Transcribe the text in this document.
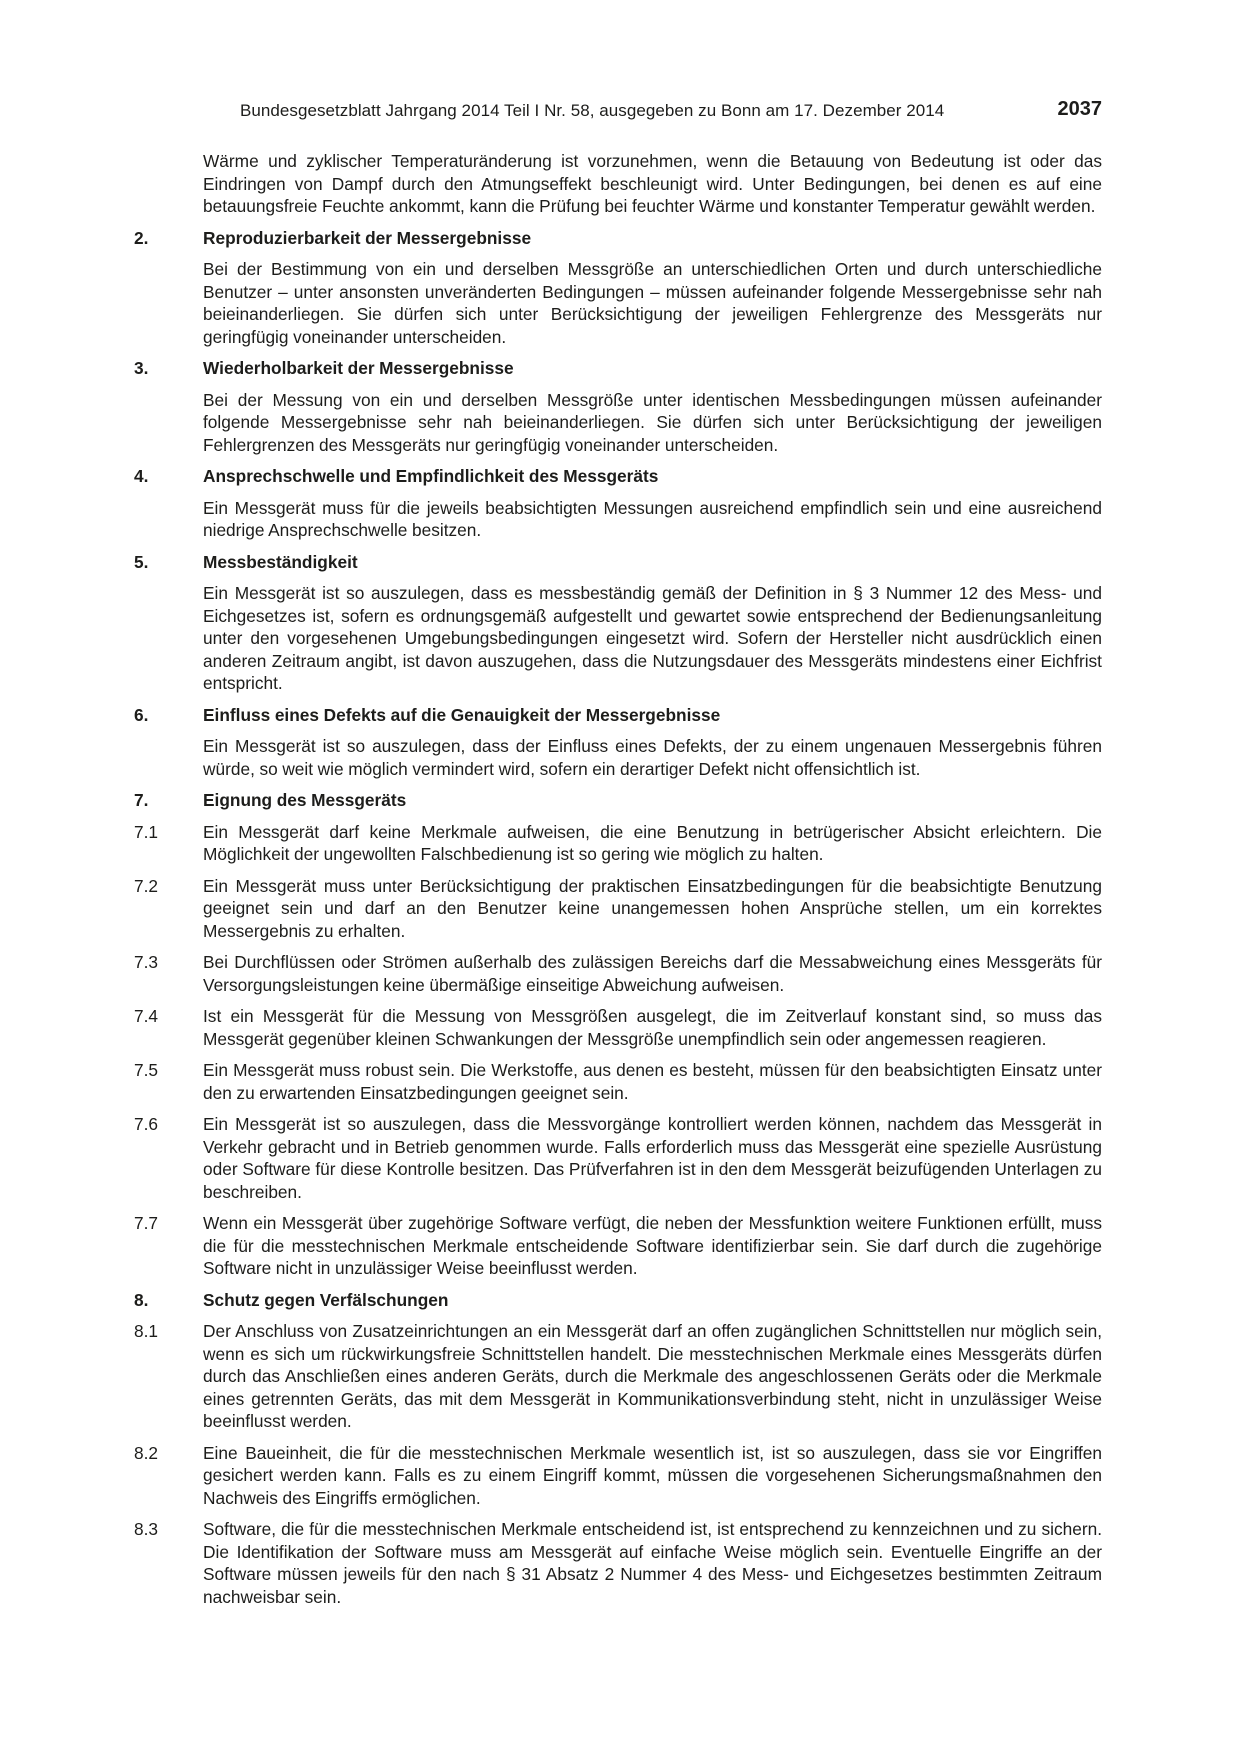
Bundesgesetzblatt Jahrgang 2014 Teil I Nr. 58, ausgegeben zu Bonn am 17. Dezember 2014	2037
Wärme und zyklischer Temperaturänderung ist vorzunehmen, wenn die Betauung von Bedeutung ist oder das Eindringen von Dampf durch den Atmungseffekt beschleunigt wird. Unter Bedingungen, bei denen es auf eine betauungsfreie Feuchte ankommt, kann die Prüfung bei feuchter Wärme und konstanter Temperatur gewählt werden.
2.	Reproduzierbarkeit der Messergebnisse
Bei der Bestimmung von ein und derselben Messgröße an unterschiedlichen Orten und durch unterschiedliche Benutzer – unter ansonsten unveränderten Bedingungen – müssen aufeinander folgende Messergebnisse sehr nah beieinanderliegen. Sie dürfen sich unter Berücksichtigung der jeweiligen Fehlergrenze des Messgeräts nur geringfügig voneinander unterscheiden.
3.	Wiederholbarkeit der Messergebnisse
Bei der Messung von ein und derselben Messgröße unter identischen Messbedingungen müssen aufeinander folgende Messergebnisse sehr nah beieinanderliegen. Sie dürfen sich unter Berücksichtigung der jeweiligen Fehlergrenzen des Messgeräts nur geringfügig voneinander unterscheiden.
4.	Ansprechschwelle und Empfindlichkeit des Messgeräts
Ein Messgerät muss für die jeweils beabsichtigten Messungen ausreichend empfindlich sein und eine ausreichend niedrige Ansprechschwelle besitzen.
5.	Messbeständigkeit
Ein Messgerät ist so auszulegen, dass es messbeständig gemäß der Definition in § 3 Nummer 12 des Mess- und Eichgesetzes ist, sofern es ordnungsgemäß aufgestellt und gewartet sowie entsprechend der Bedienungsanleitung unter den vorgesehenen Umgebungsbedingungen eingesetzt wird. Sofern der Hersteller nicht ausdrücklich einen anderen Zeitraum angibt, ist davon auszugehen, dass die Nutzungsdauer des Messgeräts mindestens einer Eichfrist entspricht.
6.	Einfluss eines Defekts auf die Genauigkeit der Messergebnisse
Ein Messgerät ist so auszulegen, dass der Einfluss eines Defekts, der zu einem ungenauen Messergebnis führen würde, so weit wie möglich vermindert wird, sofern ein derartiger Defekt nicht offensichtlich ist.
7.	Eignung des Messgeräts
7.1	Ein Messgerät darf keine Merkmale aufweisen, die eine Benutzung in betrügerischer Absicht erleichtern. Die Möglichkeit der ungewollten Falschbedienung ist so gering wie möglich zu halten.
7.2	Ein Messgerät muss unter Berücksichtigung der praktischen Einsatzbedingungen für die beabsichtigte Benutzung geeignet sein und darf an den Benutzer keine unangemessen hohen Ansprüche stellen, um ein korrektes Messergebnis zu erhalten.
7.3	Bei Durchflüssen oder Strömen außerhalb des zulässigen Bereichs darf die Messabweichung eines Messgeräts für Versorgungsleistungen keine übermäßige einseitige Abweichung aufweisen.
7.4	Ist ein Messgerät für die Messung von Messgrößen ausgelegt, die im Zeitverlauf konstant sind, so muss das Messgerät gegenüber kleinen Schwankungen der Messgröße unempfindlich sein oder angemessen reagieren.
7.5	Ein Messgerät muss robust sein. Die Werkstoffe, aus denen es besteht, müssen für den beabsichtigten Einsatz unter den zu erwartenden Einsatzbedingungen geeignet sein.
7.6	Ein Messgerät ist so auszulegen, dass die Messvorgänge kontrolliert werden können, nachdem das Messgerät in Verkehr gebracht und in Betrieb genommen wurde. Falls erforderlich muss das Messgerät eine spezielle Ausrüstung oder Software für diese Kontrolle besitzen. Das Prüfverfahren ist in den dem Messgerät beizufügenden Unterlagen zu beschreiben.
7.7	Wenn ein Messgerät über zugehörige Software verfügt, die neben der Messfunktion weitere Funktionen erfüllt, muss die für die messtechnischen Merkmale entscheidende Software identifizierbar sein. Sie darf durch die zugehörige Software nicht in unzulässiger Weise beeinflusst werden.
8.	Schutz gegen Verfälschungen
8.1	Der Anschluss von Zusatzeinrichtungen an ein Messgerät darf an offen zugänglichen Schnittstellen nur möglich sein, wenn es sich um rückwirkungsfreie Schnittstellen handelt. Die messtechnischen Merkmale eines Messgeräts dürfen durch das Anschließen eines anderen Geräts, durch die Merkmale des angeschlossenen Geräts oder die Merkmale eines getrennten Geräts, das mit dem Messgerät in Kommunikationsverbindung steht, nicht in unzulässiger Weise beeinflusst werden.
8.2	Eine Baueinheit, die für die messtechnischen Merkmale wesentlich ist, ist so auszulegen, dass sie vor Eingriffen gesichert werden kann. Falls es zu einem Eingriff kommt, müssen die vorgesehenen Sicherungsmaßnahmen den Nachweis des Eingriffs ermöglichen.
8.3	Software, die für die messtechnischen Merkmale entscheidend ist, ist entsprechend zu kennzeichnen und zu sichern. Die Identifikation der Software muss am Messgerät auf einfache Weise möglich sein. Eventuelle Eingriffe an der Software müssen jeweils für den nach § 31 Absatz 2 Nummer 4 des Mess- und Eichgesetzes bestimmten Zeitraum nachweisbar sein.
